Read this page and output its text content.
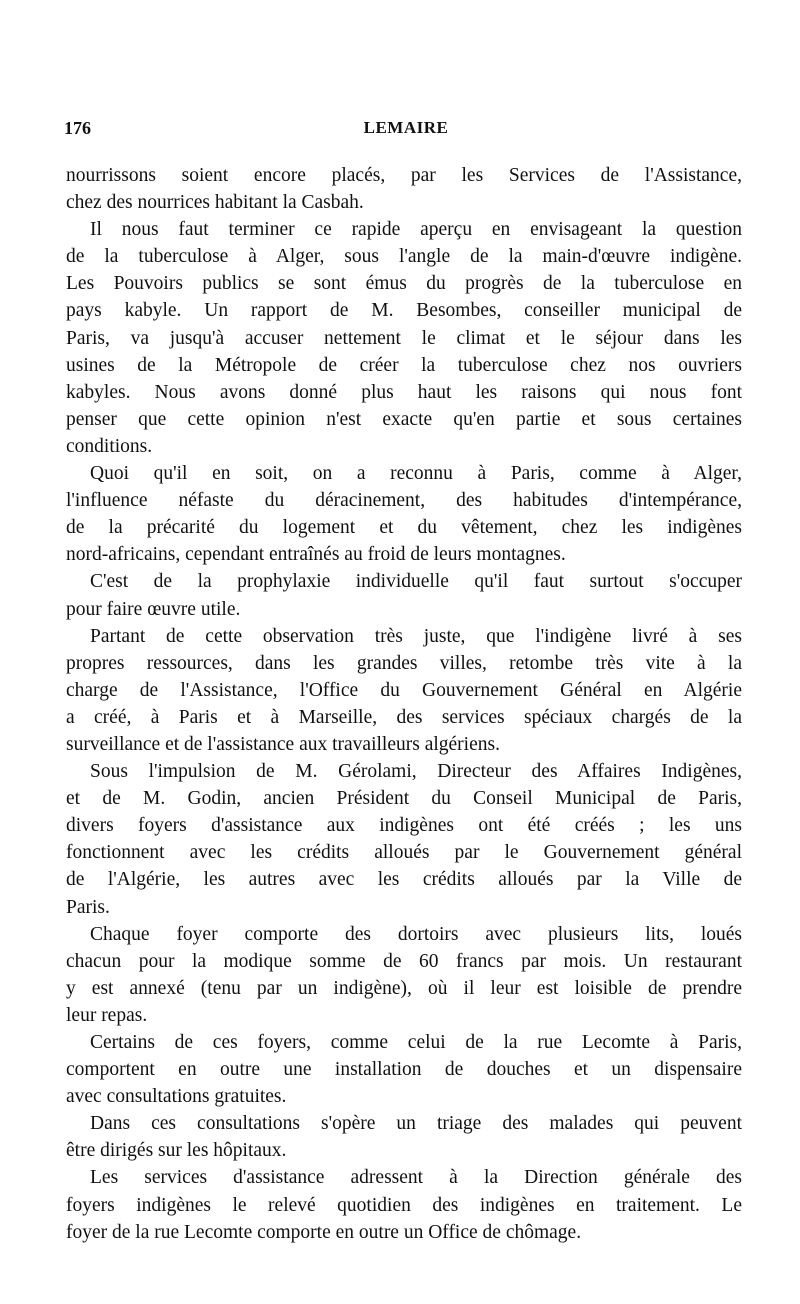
176	LEMAIRE
nourrissons soient encore placés, par les Services de l'Assistance,
chez des nourrices habitant la Casbah.
Il nous faut terminer ce rapide aperçu en envisageant la question
de la tuberculose à Alger, sous l'angle de la main-d'œuvre indigène.
Les Pouvoirs publics se sont émus du progrès de la tuberculose en
pays kabyle. Un rapport de M. Besombes, conseiller municipal de
Paris, va jusqu'à accuser nettement le climat et le séjour dans les
usines de la Métropole de créer la tuberculose chez nos ouvriers
kabyles. Nous avons donné plus haut les raisons qui nous font
penser que cette opinion n'est exacte qu'en partie et sous certaines
conditions.
Quoi qu'il en soit, on a reconnu à Paris, comme à Alger,
l'influence néfaste du déracinement, des habitudes d'intempérance,
de la précarité du logement et du vêtement, chez les indigènes
nord-africains, cependant entraînés au froid de leurs montagnes.
C'est de la prophylaxie individuelle qu'il faut surtout s'occuper
pour faire œuvre utile.
Partant de cette observation très juste, que l'indigène livré à ses
propres ressources, dans les grandes villes, retombe très vite à la
charge de l'Assistance, l'Office du Gouvernement Général en Algérie
a créé, à Paris et à Marseille, des services spéciaux chargés de la
surveillance et de l'assistance aux travailleurs algériens.
Sous l'impulsion de M. Gérolami, Directeur des Affaires Indigènes,
et de M. Godin, ancien Président du Conseil Municipal de Paris,
divers foyers d'assistance aux indigènes ont été créés ; les uns
fonctionnent avec les crédits alloués par le Gouvernement général
de l'Algérie, les autres avec les crédits alloués par la Ville de
Paris.
Chaque foyer comporte des dortoirs avec plusieurs lits, loués
chacun pour la modique somme de 60 francs par mois. Un restaurant
y est annexé (tenu par un indigène), où il leur est loisible de prendre
leur repas.
Certains de ces foyers, comme celui de la rue Lecomte à Paris,
comportent en outre une installation de douches et un dispensaire
avec consultations gratuites.
Dans ces consultations s'opère un triage des malades qui peuvent
être dirigés sur les hôpitaux.
Les services d'assistance adressent à la Direction générale des
foyers indigènes le relevé quotidien des indigènes en traitement. Le
foyer de la rue Lecomte comporte en outre un Office de chômage.
